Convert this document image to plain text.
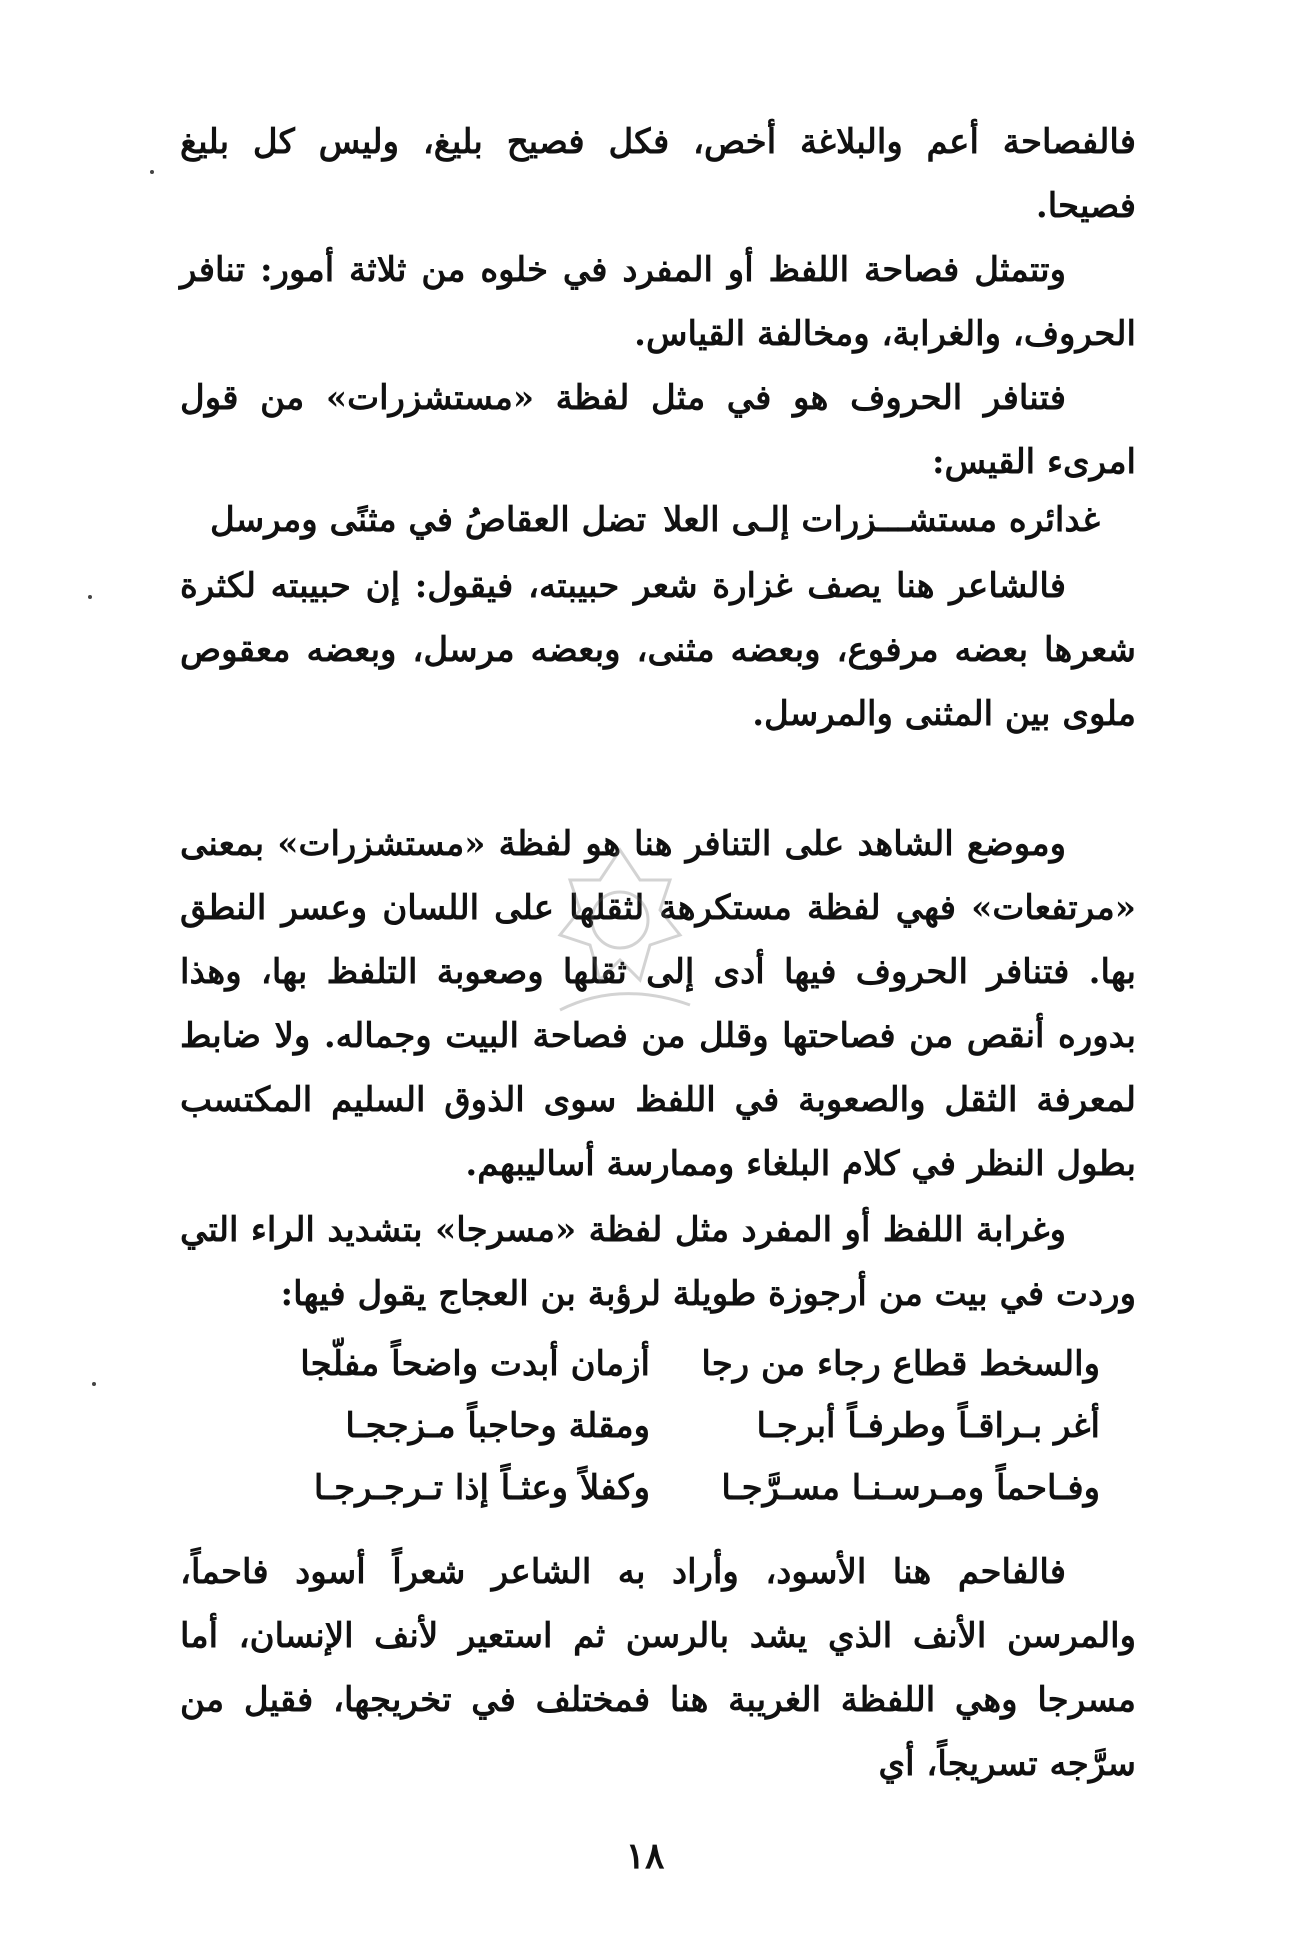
فالفصاحة أعم والبلاغة أخص، فكل فصيح بليغ، وليس كل بليغ فصيحا.
وتتمثل فصاحة اللفظ أو المفرد في خلوه من ثلاثة أمور: تنافر الحروف، والغرابة، ومخالفة القياس.
فتنافر الحروف هو في مثل لفظة «مستشزرات» من قول امرىء القيس:
غدائره مستشـــزرات إلـى العلا
تضل العقاصُ في مثنًى ومرسل
فالشاعر هنا يصف غزارة شعر حبيبته، فيقول: إن حبيبته لكثرة شعرها بعضه مرفوع، وبعضه مثنى، وبعضه مرسل، وبعضه معقوص ملوى بين المثنى والمرسل.
وموضع الشاهد على التنافر هنا هو لفظة «مستشزرات» بمعنى «مرتفعات» فهي لفظة مستكرهة لثقلها على اللسان وعسر النطق بها. فتنافر الحروف فيها أدى إلى ثقلها وصعوبة التلفظ بها، وهذا بدوره أنقص من فصاحتها وقلل من فصاحة البيت وجماله. ولا ضابط لمعرفة الثقل والصعوبة في اللفظ سوى الذوق السليم المكتسب بطول النظر في كلام البلغاء وممارسة أساليبهم.
وغرابة اللفظ أو المفرد مثل لفظة «مسرجا» بتشديد الراء التي وردت في بيت من أرجوزة طويلة لرؤبة بن العجاج يقول فيها:
والسخط قطاع رجاء من رجا
أزمان أبدت واضحاً مفلّجا
أغر بـراقـاً وطرفـاً أبرجـا
ومقلة وحاجباً مـزججـا
وفـاحماً ومـرسـنـا مسـرَّجـا
وكفلاً وعثـاً إذا تـرجـرجـا
فالفاحم هنا الأسود، وأراد به الشاعر شعراً أسود فاحماً، والمرسن الأنف الذي يشد بالرسن ثم استعير لأنف الإنسان، أما مسرجا وهي اللفظة الغريبة هنا فمختلف في تخريجها، فقيل من سرَّجه تسريجاً، أي
١٨
